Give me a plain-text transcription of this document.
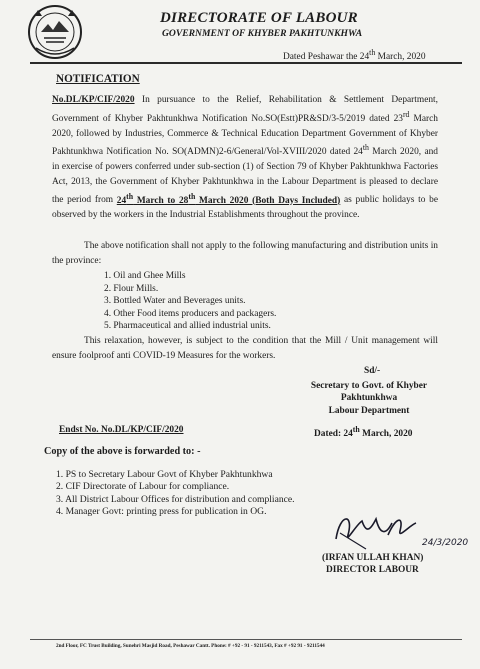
DIRECTORATE OF LABOUR
GOVERNMENT OF KHYBER PAKHTUNKHWA
Dated Peshawar the 24th March, 2020
NOTIFICATION
No.DL/KP/CIF/2020 In pursuance to the Relief, Rehabilitation & Settlement Department, Government of Khyber Pakhtunkhwa Notification No.SO(Estt)PR&SD/3-5/2019 dated 23rd March 2020, followed by Industries, Commerce & Technical Education Department Government of Khyber Pakhtunkhwa Notification No. SO(ADMN)2-6/General/Vol-XVIII/2020 dated 24th March 2020, and in exercise of powers conferred under sub-section (1) of Section 79 of Khyber Pakhtunkhwa Factories Act, 2013, the Government of Khyber Pakhtunkhwa in the Labour Department is pleased to declare the period from 24th March to 28th March 2020 (Both Days Included) as public holidays to be observed by the workers in the Industrial Establishments throughout the province.
The above notification shall not apply to the following manufacturing and distribution units in the province:
1. Oil and Ghee Mills
2. Flour Mills.
3. Bottled Water and Beverages units.
4. Other Food items producers and packagers.
5. Pharmaceutical and allied industrial units.
This relaxation, however, is subject to the condition that the Mill / Unit management will ensure foolproof anti COVID-19 Measures for the workers.
Sd/-
Secretary to Govt. of Khyber
Pakhtunkhwa
Labour Department
Endst No. No.DL/KP/CIF/2020	Dated: 24th March, 2020
Copy of the above is forwarded to: -
1. PS to Secretary Labour Govt of Khyber Pakhtunkhwa
2. CIF Directorate of Labour for compliance.
3. All District Labour Offices for distribution and compliance.
4. Manager Govt: printing press for publication in OG.
24/3/2020
(IRFAN ULLAH KHAN)
DIRECTOR LABOUR
2nd Floor, FC Trust Building, Sunehri Masjid Road, Peshawar Cantt. Phone: # +92 - 91 - 9211543, Fax # +92 91 - 9211544
